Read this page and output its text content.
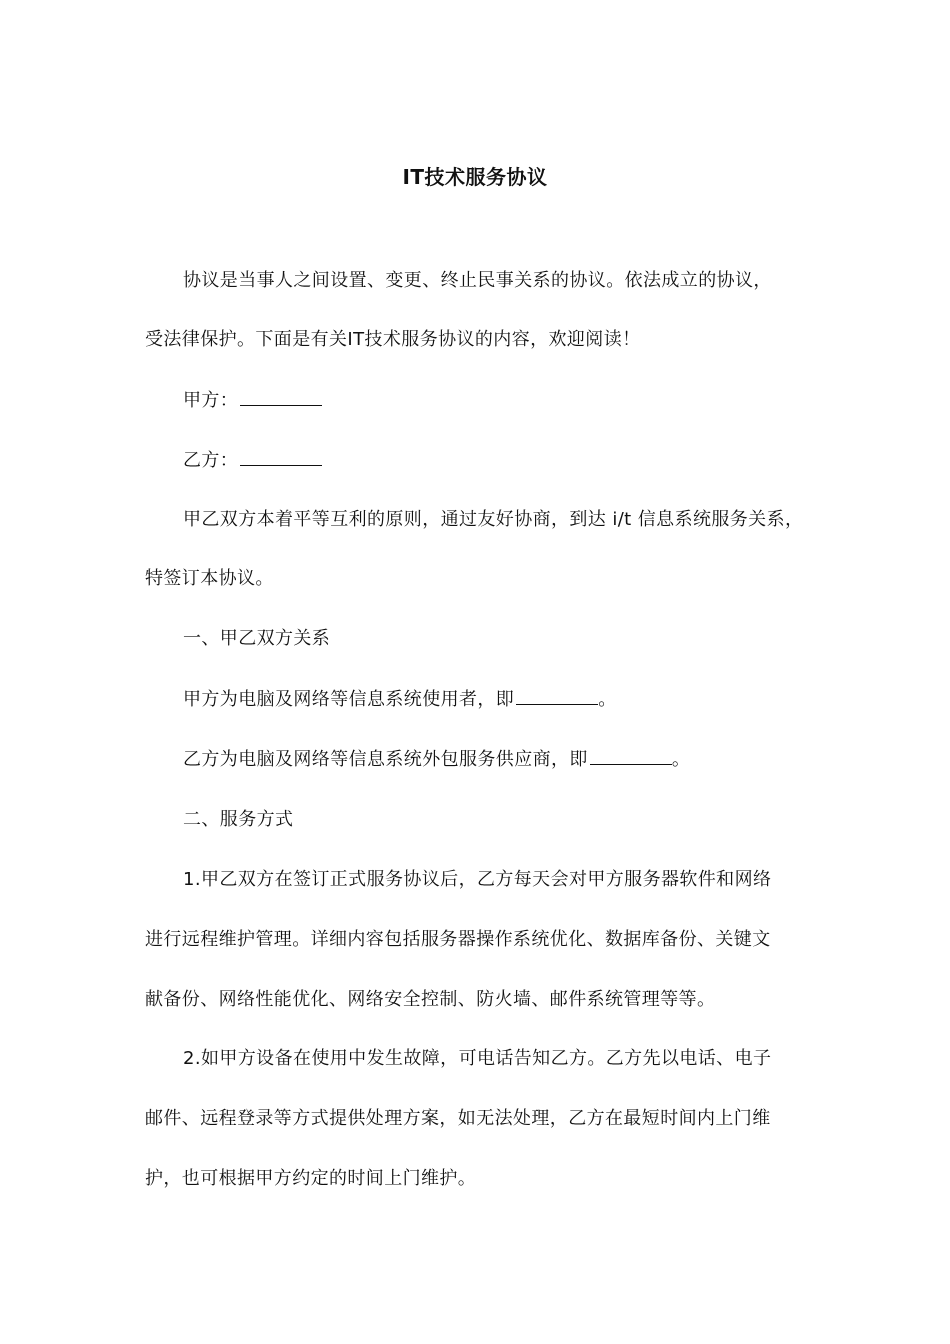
IT技术服务协议
协议是当事人之间设置、变更、终止民事关系的协议。依法成立的协议，
受法律保护。下面是有关IT技术服务协议的内容，欢迎阅读！
甲方：
乙方：
甲乙双方本着平等互利的原则，通过友好协商，到达 i/t 信息系统服务关系，
特签订本协议。
一、甲乙双方关系
甲方为电脑及网络等信息系统使用者，即	。
乙方为电脑及网络等信息系统外包服务供应商，即	。
二、服务方式
1.甲乙双方在签订正式服务协议后，乙方每天会对甲方服务器软件和网络
进行远程维护管理。详细内容包括服务器操作系统优化、数据库备份、关键文
献备份、网络性能优化、网络安全控制、防火墙、邮件系统管理等等。
2.如甲方设备在使用中发生故障，可电话告知乙方。乙方先以电话、电子
邮件、远程登录等方式提供处理方案，如无法处理，乙方在最短时间内上门维
护，也可根据甲方约定的时间上门维护。
